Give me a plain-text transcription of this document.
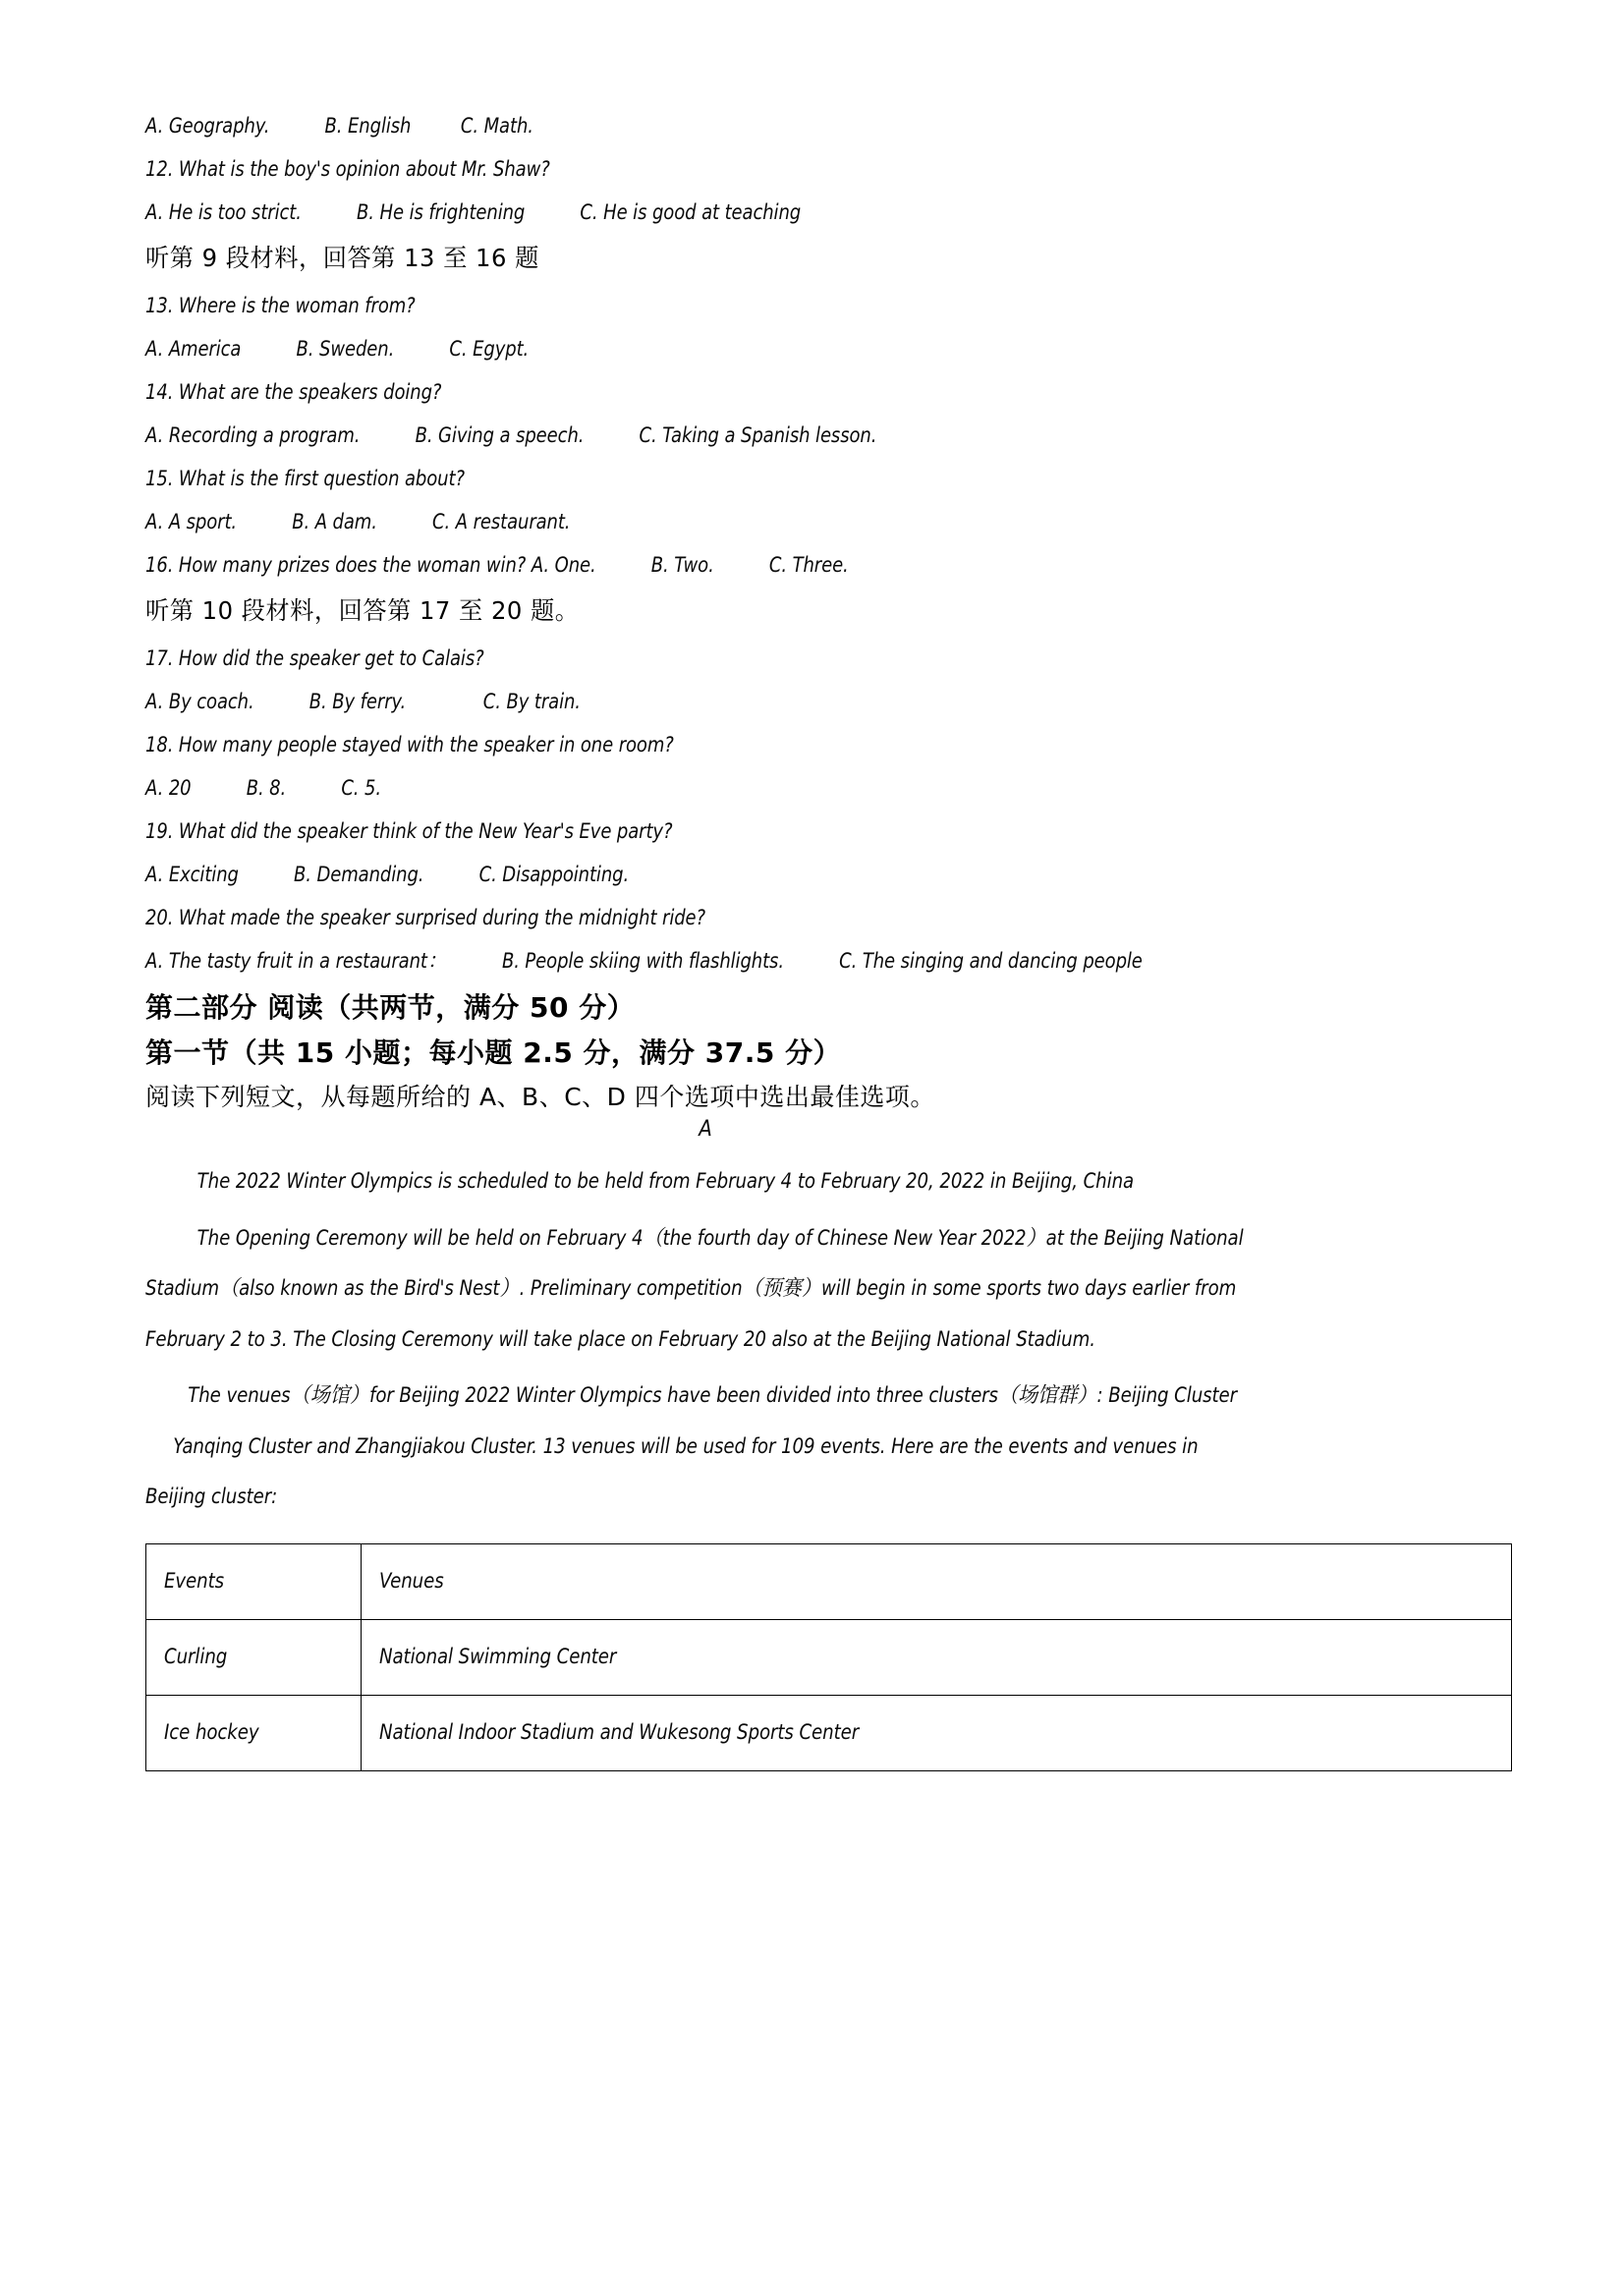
A. Geography.          B. English         C. Math.
12. What is the boy's opinion about Mr. Shaw?
A. He is too strict.          B. He is frightening          C. He is good at teaching
听第 9 段材料，回答第 13 至 16 题
13. Where is the woman from?
A. America          B. Sweden.          C. Egypt.
14. What are the speakers doing?
A. Recording a program.          B. Giving a speech.          C. Taking a Spanish lesson.
15. What is the first question about?
A. A sport.          B. A dam.          C. A restaurant.
16. How many prizes does the woman win? A. One.          B. Two.          C. Three.
听第 10 段材料，回答第 17 至 20 题。
17. How did the speaker get to Calais?
A. By coach.          B. By ferry.              C. By train.
18. How many people stayed with the speaker in one room?
A. 20          B. 8.          C. 5.
19. What did the speaker think of the New Year's Eve party?
A. Exciting          B. Demanding.          C. Disappointing.
20. What made the speaker surprised during the midnight ride?
A. The tasty fruit in a restaurant：          B. People skiing with flashlights.          C. The singing and dancing people
第二部分 阅读（共两节，满分 50 分）
第一节（共 15 小题；每小题 2.5 分，满分 37.5 分）
阅读下列短文，从每题所给的 A、B、C、D 四个选项中选出最佳选项。
A
The 2022 Winter Olympics is scheduled to be held from February 4 to February 20, 2022 in Beijing, China
The Opening Ceremony will be held on February 4（the fourth day of Chinese New Year 2022）at the Beijing National
Stadium（also known as the Bird's Nest）. Preliminary competition（预赛）will begin in some sports two days earlier from
February 2 to 3. The Closing Ceremony will take place on February 20 also at the Beijing National Stadium.
The venues（场馆）for Beijing 2022 Winter Olympics have been divided into three clusters（场馆群）: Beijing Cluster
Yanqing Cluster and Zhangjiakou Cluster. 13 venues will be used for 109 events. Here are the events and venues in
Beijing cluster:
Events	Venues
Curling	National Swimming Center
Ice hockey	National Indoor Stadium and Wukesong Sports Center
